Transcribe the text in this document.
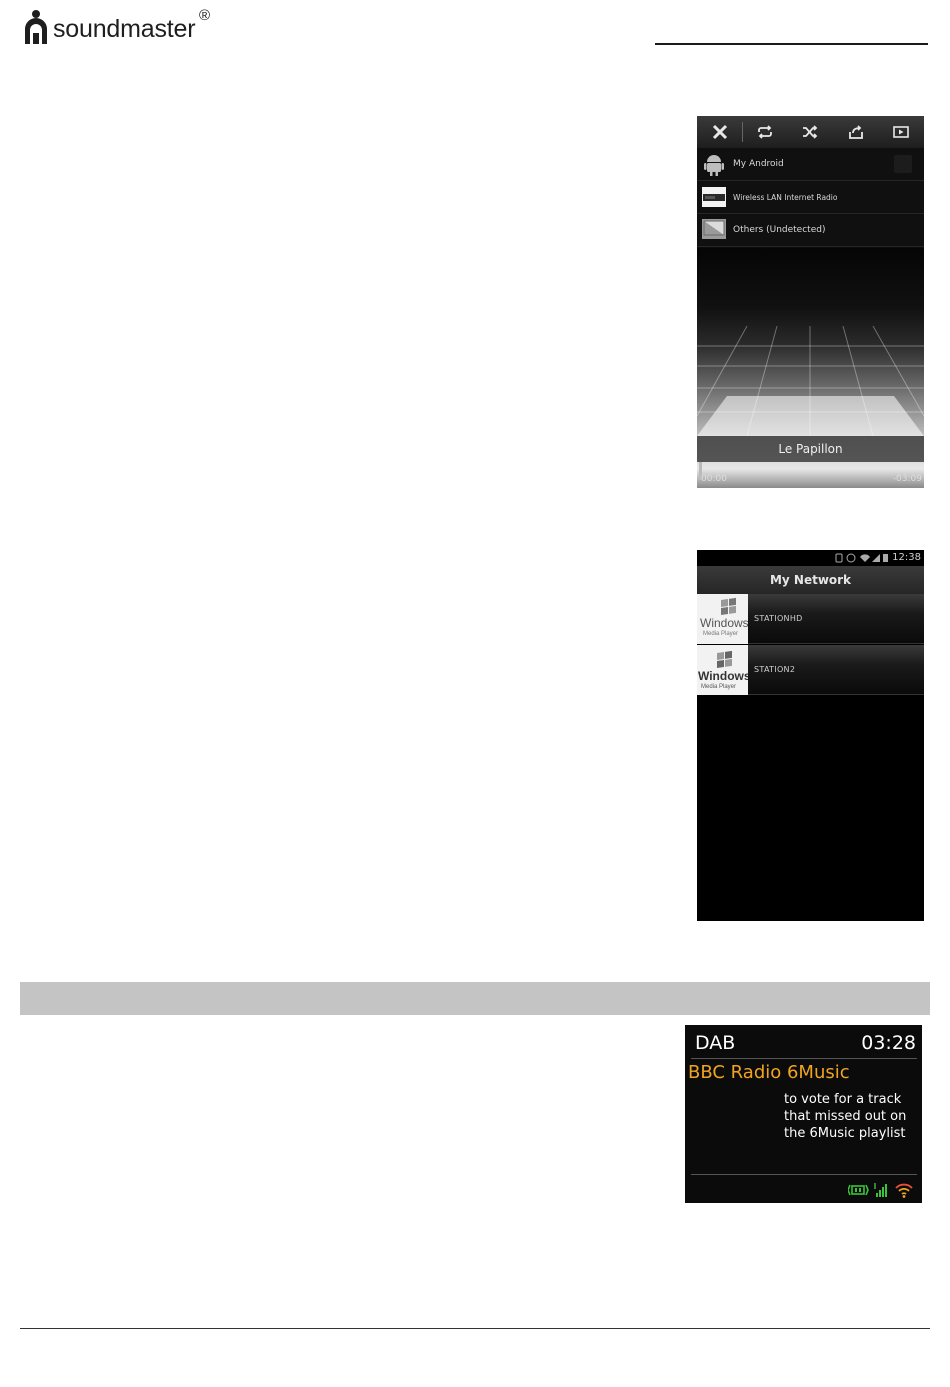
soundmaster ®
My Android
Wireless LAN Internet Radio
Others (Undetected)
Le Papillon
00:00	-03:09
12:38
My Network
Windows
Media Player
STATIONHD
Windows
Media Player
STATION2
DAB	03:28
BBC Radio 6Music
to vote for a track
that missed out on
the 6Music playlist
